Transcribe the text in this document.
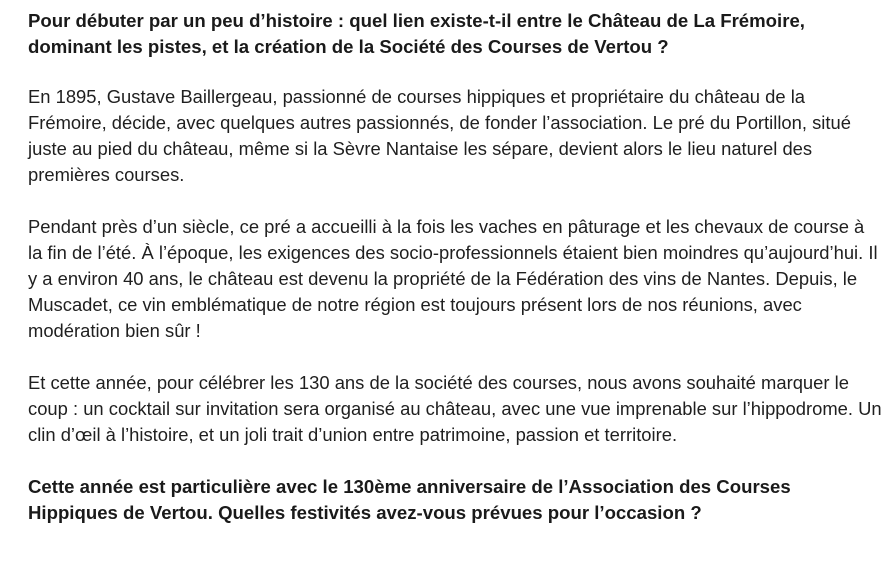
Pour débuter par un peu d’histoire : quel lien existe-t-il entre le Château de La Frémoire, dominant les pistes, et la création de la Société des Courses de Vertou ?

En 1895, Gustave Baillergeau, passionné de courses hippiques et propriétaire du château de la Frémoire, décide, avec quelques autres passionnés, de fonder l’association. Le pré du Portillon, situé juste au pied du château, même si la Sèvre Nantaise les sépare, devient alors le lieu naturel des premières courses.

Pendant près d’un siècle, ce pré a accueilli à la fois les vaches en pâturage et les chevaux de course à la fin de l’été. À l’époque, les exigences des socio-professionnels étaient bien moindres qu’aujourd’hui. Il y a environ 40 ans, le château est devenu la propriété de la Fédération des vins de Nantes. Depuis, le Muscadet, ce vin emblématique de notre région est toujours présent lors de nos réunions, avec modération bien sûr !

Et cette année, pour célébrer les 130 ans de la société des courses, nous avons souhaité marquer le coup : un cocktail sur invitation sera organisé au château, avec une vue imprenable sur l’hippodrome. Un clin d’œil à l’histoire, et un joli trait d’union entre patrimoine, passion et territoire.

Cette année est particulière avec le 130ème anniversaire de l’Association des Courses Hippiques de Vertou. Quelles festivités avez-vous prévues pour l’occasion ?
